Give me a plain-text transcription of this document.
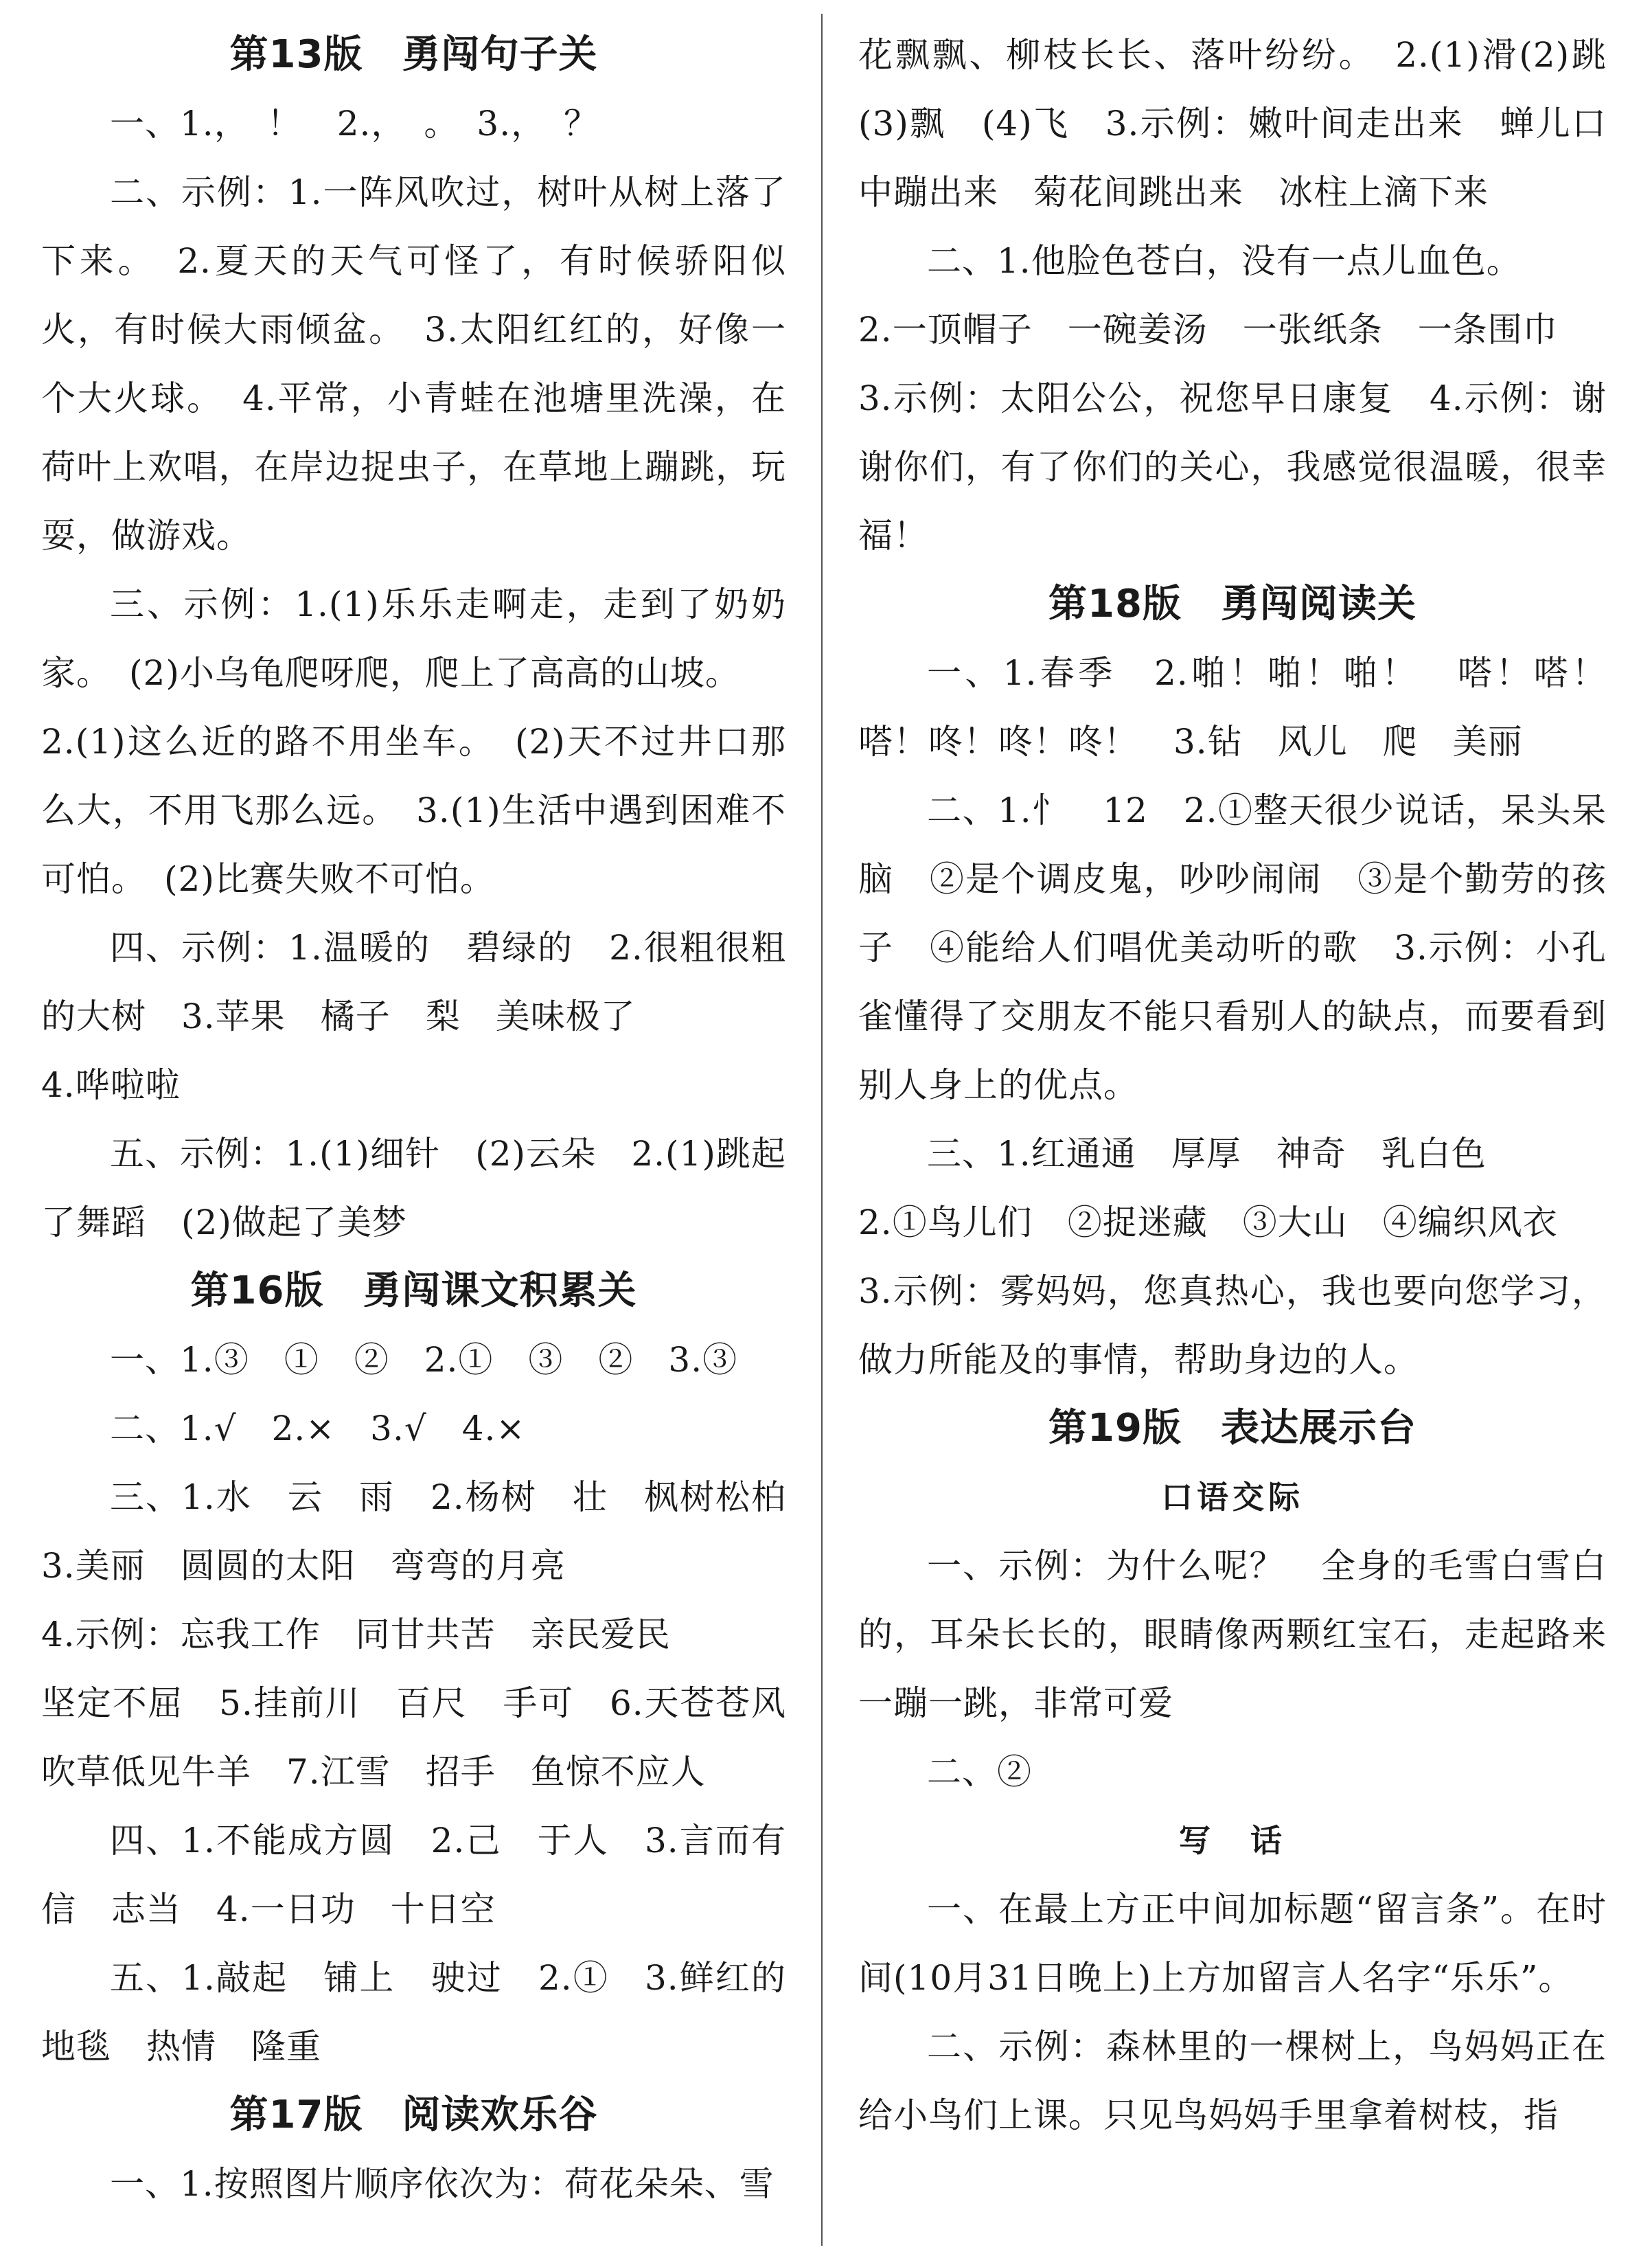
第13版　勇闯句子关
一、1.，　！　2.，　。　3.，　？
二、示例：1.一阵风吹过，树叶从树上落了下来。　2.夏天的天气可怪了，有时候骄阳似火，有时候大雨倾盆。　3.太阳红红的，好像一个大火球。　4.平常，小青蛙在池塘里洗澡，在荷叶上欢唱，在岸边捉虫子，在草地上蹦跳，玩耍，做游戏。
三、示例：1.(1)乐乐走啊走，走到了奶奶家。　(2)小乌龟爬呀爬，爬上了高高的山坡。
2.(1)这么近的路不用坐车。　(2)天不过井口那么大，不用飞那么远。　3.(1)生活中遇到困难不可怕。　(2)比赛失败不可怕。
四、示例：1.温暖的　碧绿的　2.很粗很粗的大树　3.苹果　橘子　梨　美味极了
4.哗啦啦
五、示例：1.(1)细针　(2)云朵　2.(1)跳起了舞蹈　(2)做起了美梦
第16版　勇闯课文积累关
一、1.③　①　②　2.①　③　②　3.③
二、1.√　2.×　3.√　4.×
三、1.水　云　雨　2.杨树　壮　枫树松柏　3.美丽　圆圆的太阳　弯弯的月亮
4.示例：忘我工作　同甘共苦　亲民爱民
坚定不屈　5.挂前川　百尺　手可　6.天苍苍风吹草低见牛羊　7.江雪　招手　鱼惊不应人
四、1.不能成方圆　2.己　于人　3.言而有信　志当　4.一日功　十日空
五、1.敲起　铺上　驶过　2.①　3.鲜红的地毯　热情　隆重
第17版　阅读欢乐谷
一、1.按照图片顺序依次为：荷花朵朵、雪
花飘飘、柳枝长长、落叶纷纷。　2.(1)滑(2)跳　(3)飘　(4)飞　3.示例：嫩叶间走出来　蝉儿口中蹦出来　菊花间跳出来　冰柱上滴下来
二、1.他脸色苍白，没有一点儿血色。
2.一顶帽子　一碗姜汤　一张纸条　一条围巾
3.示例：太阳公公，祝您早日康复　4.示例：谢谢你们，有了你们的关心，我感觉很温暖，很幸福！
第18版　勇闯阅读关
一、1.春季　2.啪！啪！啪！　嗒！嗒！嗒！咚！咚！咚！　3.钻　风儿　爬　美丽
二、1.忄　12　2.①整天很少说话，呆头呆脑　②是个调皮鬼，吵吵闹闹　③是个勤劳的孩子　④能给人们唱优美动听的歌　3.示例：小孔雀懂得了交朋友不能只看别人的缺点，而要看到别人身上的优点。
三、1.红通通　厚厚　神奇　乳白色
2.①鸟儿们　②捉迷藏　③大山　④编织风衣
3.示例：雾妈妈，您真热心，我也要向您学习，做力所能及的事情，帮助身边的人。
第19版　表达展示台
口语交际
一、示例：为什么呢？　全身的毛雪白雪白的，耳朵长长的，眼睛像两颗红宝石，走起路来一蹦一跳，非常可爱
二、②
写　话
一、在最上方正中间加标题“留言条”。在时间(10月31日晚上)上方加留言人名字“乐乐”。
二、示例：森林里的一棵树上，鸟妈妈正在给小鸟们上课。只见鸟妈妈手里拿着树枝，指
